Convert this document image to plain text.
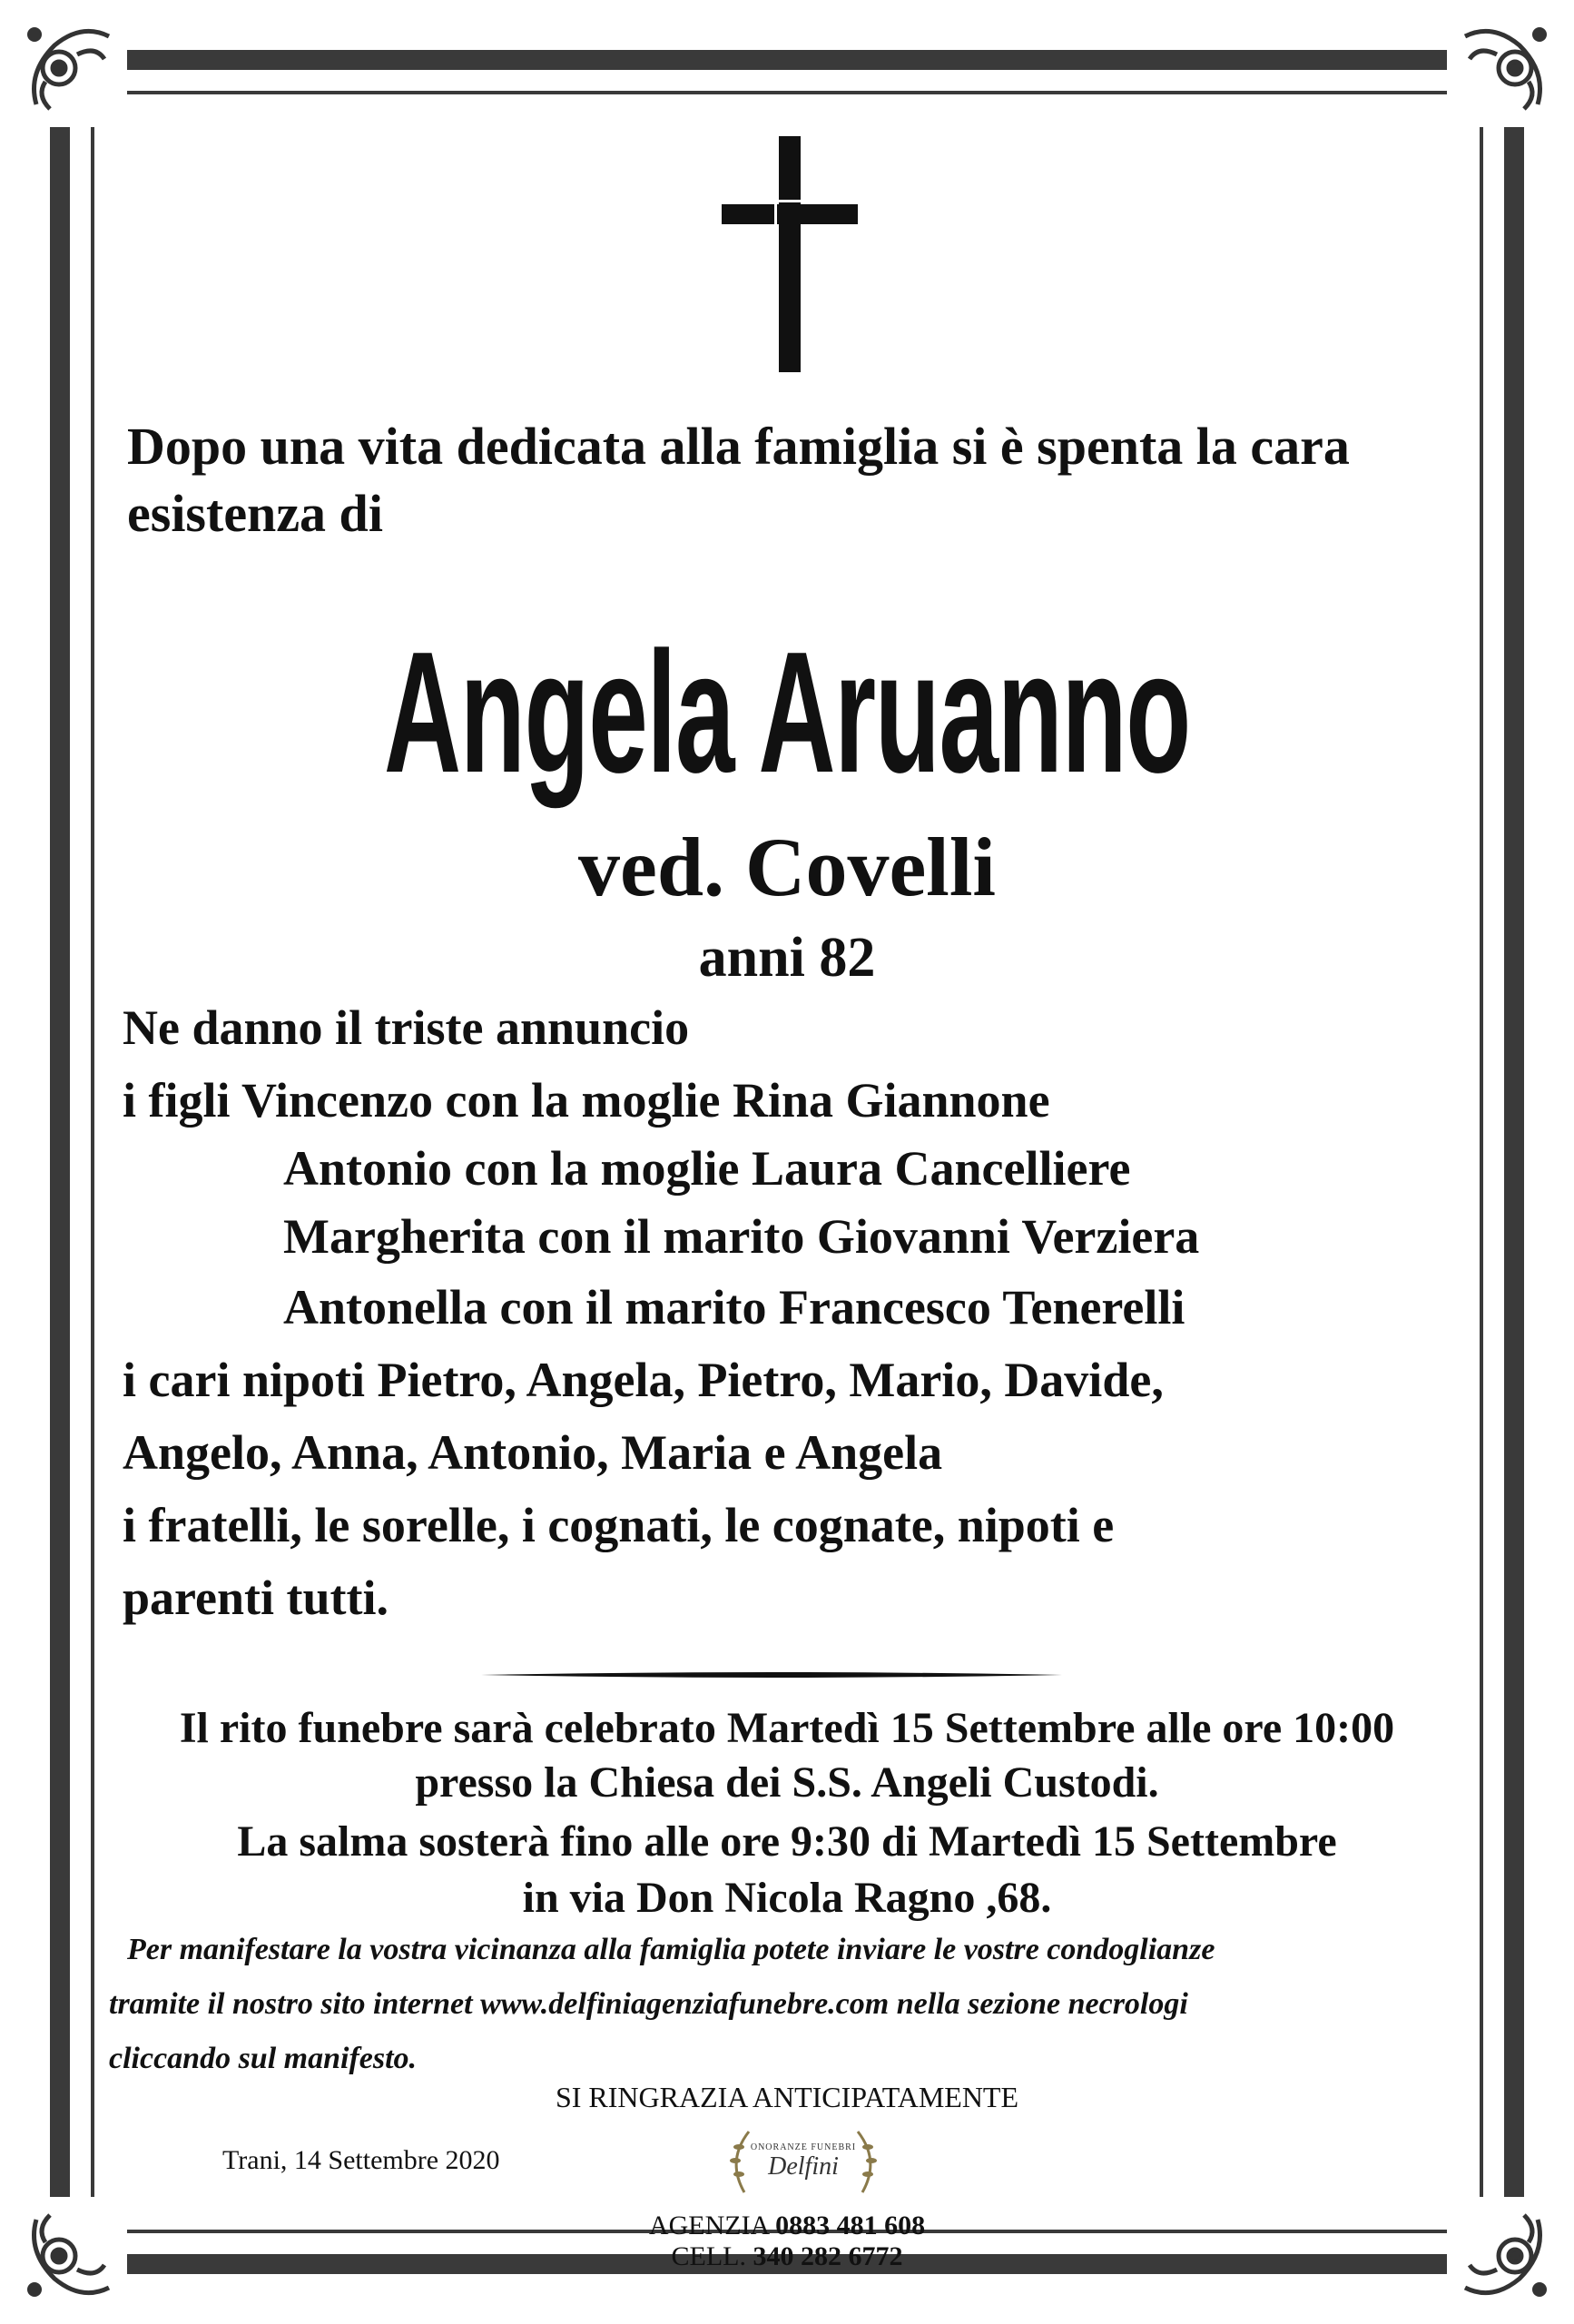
Dopo una vita dedicata alla famiglia si è spenta la cara esistenza di
Angela Aruanno
ved. Covelli
anni 82
Ne danno il triste annuncio
i figli Vincenzo con la moglie Rina Giannone
Antonio con la moglie Laura Cancelliere
Margherita con il marito Giovanni Verziera
Antonella con il marito Francesco Tenerelli
i cari nipoti Pietro, Angela, Pietro, Mario, Davide,
Angelo, Anna, Antonio, Maria e Angela
i fratelli, le sorelle, i cognati, le cognate, nipoti e
parenti tutti.
Il rito funebre sarà celebrato Martedì 15 Settembre alle ore 10:00
presso la Chiesa dei S.S. Angeli Custodi.
La salma sosterà fino alle ore 9:30 di Martedì 15 Settembre
in via Don Nicola Ragno ,68.
Per manifestare la vostra vicinanza alla famiglia potete inviare le vostre condoglianze
tramite il nostro sito internet www.delfiniagenziafunebre.com nella sezione necrologi
cliccando sul manifesto.
SI RINGRAZIA ANTICIPATAMENTE
Trani, 14 Settembre 2020	ONORANZE FUNEBRI
Delfini
AGENZIA 0883 481 608
CELL. 340 282 6772
